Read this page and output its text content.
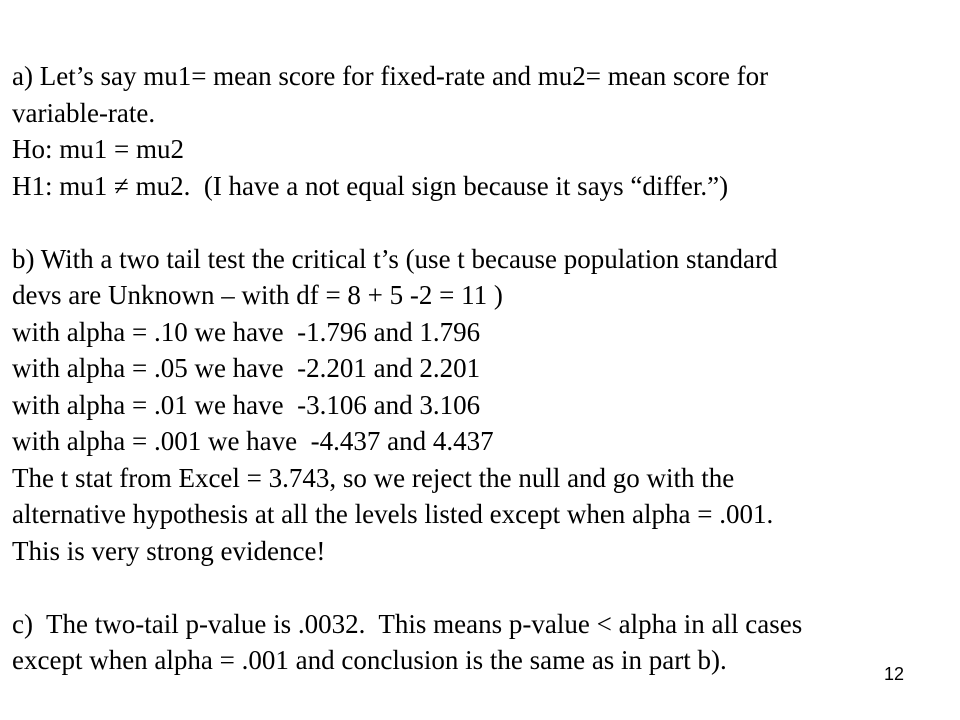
a) Let’s say mu1= mean score for fixed-rate and mu2= mean score for
variable-rate.
Ho: mu1 = mu2
H1: mu1 ≠ mu2.  (I have a not equal sign because it says “differ.”)
b) With a two tail test the critical t’s (use t because population standard
devs are Unknown – with df = 8 + 5 -2 = 11 )
with alpha = .10 we have  -1.796 and 1.796
with alpha = .05 we have  -2.201 and 2.201
with alpha = .01 we have  -3.106 and 3.106
with alpha = .001 we have  -4.437 and 4.437
The t stat from Excel = 3.743, so we reject the null and go with the
alternative hypothesis at all the levels listed except when alpha = .001.
This is very strong evidence!
c)  The two-tail p-value is .0032.  This means p-value < alpha in all cases
except when alpha = .001 and conclusion is the same as in part b).	12
